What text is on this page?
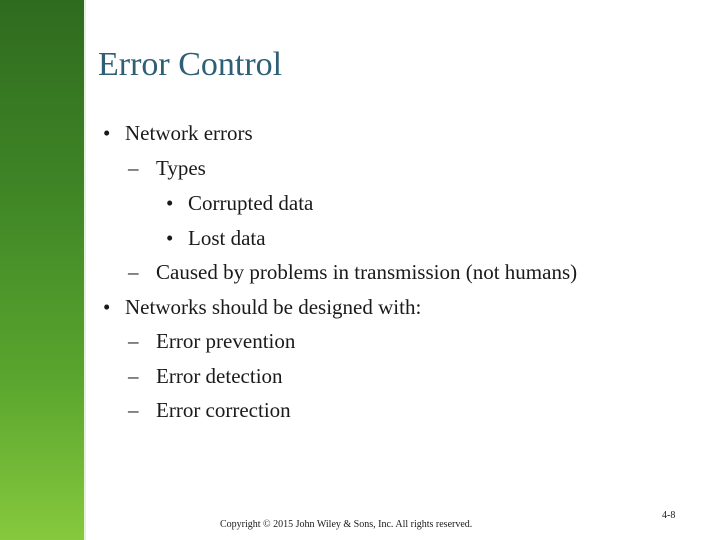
Error Control
• Network errors
– Types
• Corrupted data
• Lost data
– Caused by problems in transmission (not humans)
• Networks should be designed with:
– Error prevention
– Error detection
– Error correction
Copyright © 2015 John Wiley & Sons, Inc. All rights reserved.
4-8
